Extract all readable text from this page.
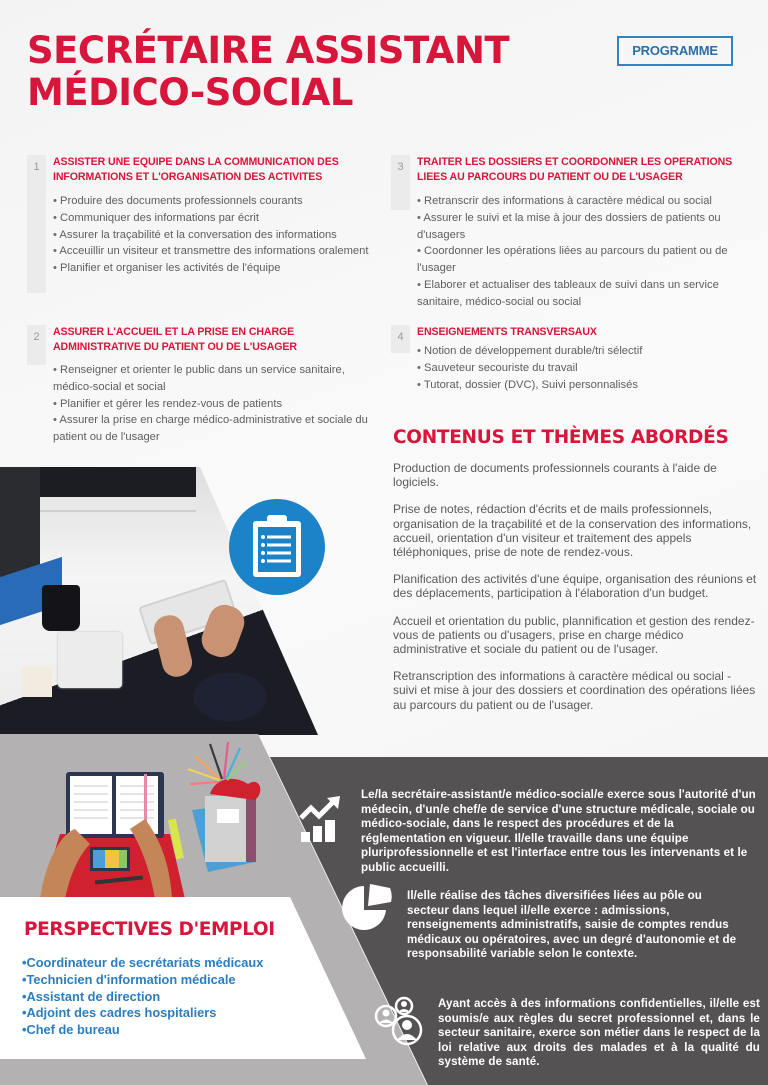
SECRÉTAIRE ASSISTANT
MÉDICO-SOCIAL
PROGRAMME
1	ASSISTER UNE EQUIPE DANS LA COMMUNICATION DES
INFORMATIONS ET L'ORGANISATION DES ACTIVITES
• Produire des documents professionnels courants
• Communiquer des informations par écrit
• Assurer la traçabilité et la conversation des informations
• Acceuillir un visiteur et transmettre des informations oralement
• Planifier et organiser les activités de l'équipe
2	ASSURER L'ACCUEIL ET LA PRISE EN CHARGE
ADMINISTRATIVE DU PATIENT OU DE L'USAGER
• Renseigner et orienter le public dans un service sanitaire, médico-social et social
• Planifier et gérer les rendez-vous de patients
• Assurer la prise en charge médico-administrative et sociale du patient ou de l'usager
3	TRAITER LES DOSSIERS ET COORDONNER LES OPERATIONS
LIEES AU PARCOURS DU PATIENT OU DE L'USAGER
• Retranscrir des informations à caractère médical ou social
• Assurer le suivi et la mise à jour des dossiers de patients ou d'usagers
• Coordonner les opérations liées au parcours du patient ou de l'usager
• Elaborer et actualiser des tableaux de suivi dans un service sanitaire, médico-social ou social
4	ENSEIGNEMENTS TRANSVERSAUX
• Notion de développement durable/tri sélectif
• Sauveteur secouriste du travail
• Tutorat, dossier (DVC), Suivi personnalisés
CONTENUS ET THÈMES ABORDÉS

Production de documents professionnels courants à l'aide de logiciels.

Prise de notes, rédaction d'écrits et de mails professionnels, organisation de la traçabilité et de la conservation des informations, accueil, orientation d'un visiteur et traitement des appels téléphoniques, prise de note de rendez-vous.

Planification des activités d'une équipe, organisation des réunions et des déplacements, participation à l'élaboration d'un budget.

Accueil et orientation du public, plannification et gestion des rendez-vous de patients ou d'usagers, prise en charge médico administrative et sociale du patient ou de l'usager.

Retranscription des informations à caractère médical ou social - suivi et mise à jour des dossiers et coordination des opérations liées au parcours du patient ou de l'usager.

PERSPECTIVES D'EMPLOI
• Coordinateur de secrétariats médicaux
• Technicien d'information médicale
• Assistant de direction
• Adjoint des cadres hospitaliers
• Chef de bureau
Le/la secrétaire-assistant/e médico-social/e exerce sous l'autorité d'un médecin, d'un/e chef/e de service d'une structure médicale, sociale ou médico-sociale, dans le respect des procédures et de la réglementation en vigueur. Il/elle travaille dans une équipe pluriprofessionnelle et est l'interface entre tous les intervenants et le public accueilli.
Il/elle réalise des tâches diversifiées liées au pôle ou secteur dans lequel il/elle exerce : admissions, renseignements administratifs, saisie de comptes rendus médicaux ou opératoires, avec un degré d'autonomie et de responsabilité variable selon le contexte.
Ayant accès à des informations confidentielles, il/elle est soumis/e aux règles du secret professionnel et, dans le secteur sanitaire, exerce son métier dans le respect de la loi relative aux droits des malades et à la qualité du système de santé.
